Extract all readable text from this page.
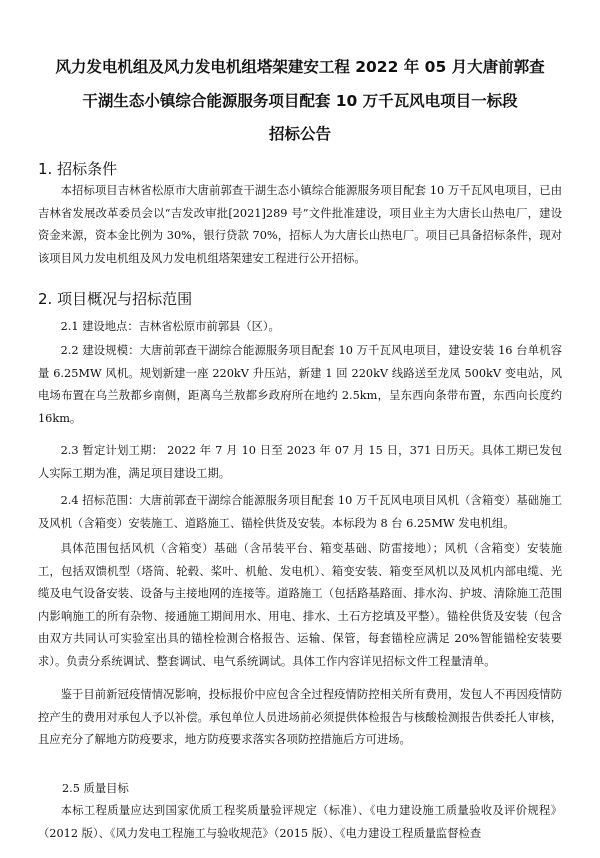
风力发电机组及风力发电机组塔架建安工程 2022 年 05 月大唐前郭查
干湖生态小镇综合能源服务项目配套 10 万千瓦风电项目一标段
招标公告
1. 招标条件

本招标项目吉林省松原市大唐前郭查干湖生态小镇综合能源服务项目配套 10 万千瓦风电项目，已由吉林省发展改革委员会以“吉发改审批[2021]289 号”文件批准建设，项目业主为大唐长山热电厂，建设资金来源，资本金比例为 30%，银行贷款 70%，招标人为大唐长山热电厂。项目已具备招标条件，现对该项目风力发电机组及风力发电机组塔架建安工程进行公开招标。

2. 项目概况与招标范围

2.1 建设地点：吉林省松原市前郭县（区）。

2.2 建设规模：大唐前郭查干湖综合能源服务项目配套 10 万千瓦风电项目，建设安装 16 台单机容量 6.25MW 风机。规划新建一座 220kV 升压站，新建 1 回 220kV 线路送至龙凤 500kV 变电站，风电场布置在乌兰敖都乡南侧，距离乌兰敖都乡政府所在地约 2.5km，呈东西向条带布置，东西向长度约 16km。

2.3 暂定计划工期： 2022 年 7 月 10 日至 2023 年 07 月 15 日，371 日历天。具体工期已发包人实际工期为准，满足项目建设工期。

2.4 招标范围：大唐前郭查干湖综合能源服务项目配套 10 万千瓦风电项目风机（含箱变）基础施工及风机（含箱变）安装施工、道路施工、锚栓供货及安装。本标段为 8 台 6.25MW 发电机组。

具体范围包括风机（含箱变）基础（含吊装平台、箱变基础、防雷接地）；风机（含箱变）安装施工，包括双馈机型（塔筒、轮毂、桨叶、机舱、发电机）、箱变安装、箱变至风机以及风机内部电缆、光缆及电气设备安装、设备与主接地网的连接等。道路施工（包括路基路面、排水沟、护坡、清除施工范围内影响施工的所有杂物、接通施工期间用水、用电、排水、土石方挖填及平整）。锚栓供货及安装（包含由双方共同认可实验室出具的锚栓检测合格报告、运输、保管，每套锚栓应满足 20%智能锚栓安装要求）。负责分系统调试、整套调试、电气系统调试。具体工作内容详见招标文件工程量清单。

鉴于目前新冠疫情情况影响，投标报价中应包含全过程疫情防控相关所有费用，发包人不再因疫情防控产生的费用对承包人予以补偿。承包单位人员进场前必须提供体检报告与核酸检测报告供委托人审核，且应充分了解地方防疫要求，地方防疫要求落实各项防控措施后方可进场。

2.5 质量目标

本标工程质量应达到国家优质工程奖质量验评规定（标准）、《电力建设施工质量验收及评价规程》（2012 版）、《风力发电工程施工与验收规范》（2015 版）、《电力建设工程质量监督检查
